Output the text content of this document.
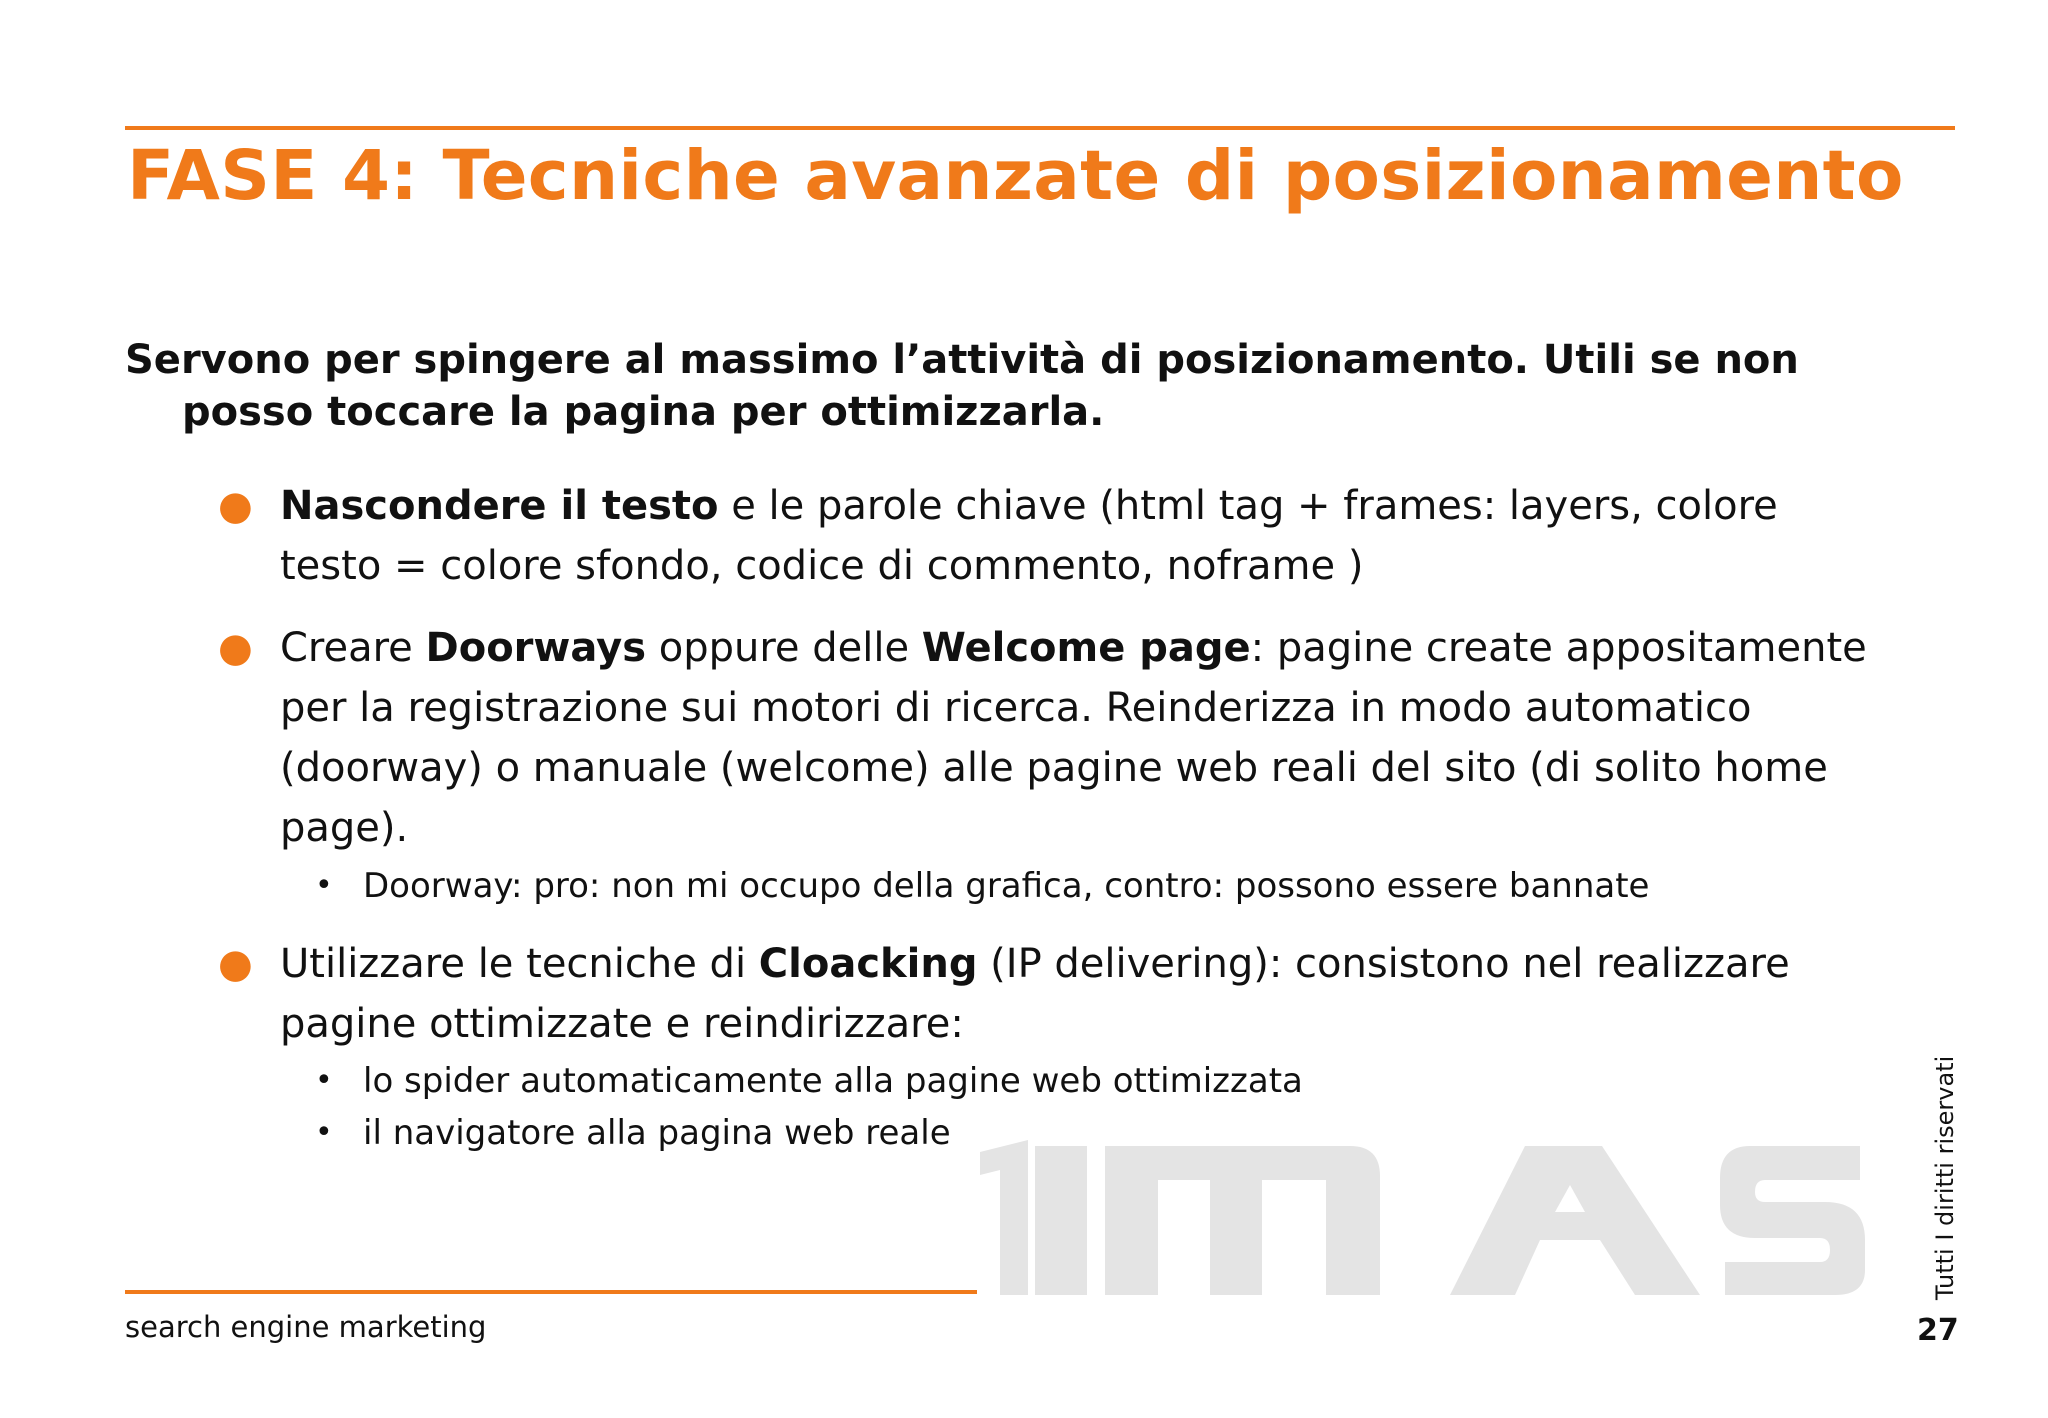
FASE 4: Tecniche avanzate di posizionamento
Servono per spingere al massimo l’attività di posizionamento. Utili se non posso toccare la pagina per ottimizzarla.
● Nascondere il testo e le parole chiave (html tag + frames: layers, colore testo = colore sfondo, codice di commento, noframe )
● Creare Doorways oppure delle Welcome page: pagine create appositamente per la registrazione sui motori di ricerca. Reinderizza in modo automatico (doorway) o manuale (welcome) alle pagine web reali del sito (di solito home page).
• Doorway: pro: non mi occupo della grafica, contro: possono essere bannate
● Utilizzare le tecniche di Cloacking (IP delivering): consistono nel realizzare pagine ottimizzate e reindirizzare:
• lo spider automaticamente alla pagine web ottimizzata
• il navigatore alla pagina web reale
search engine marketing
Tutti I diritti riservati
27
